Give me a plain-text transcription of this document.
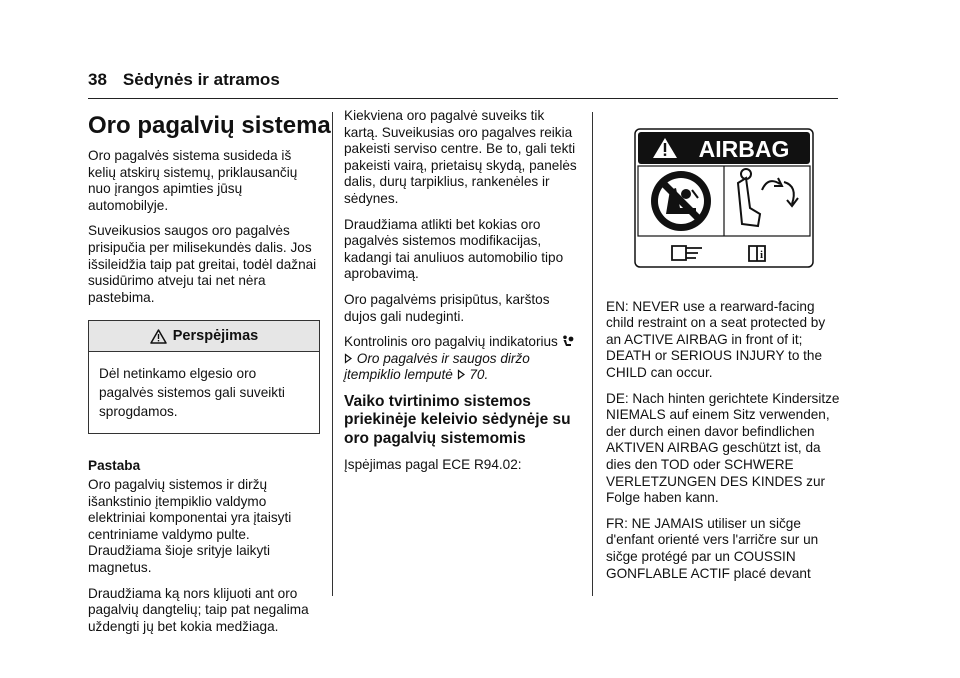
38 Sėdynės ir atramos
Oro pagalvių sistema

Oro pagalvės sistema susideda iš kelių atskirų sistemų, priklausančių nuo įrangos apimties jūsų automobilyje.

Suveikusios saugos oro pagalvės prisipučia per milisekundės dalis. Jos išsileidžia taip pat greitai, todėl dažnai susidūrimo atveju tai net nėra pastebima.

Perspėjimas
Dėl netinkamo elgesio oro pagalvės sistemos gali suveikti sprogdamos.

Pastaba

Oro pagalvių sistemos ir diržų išankstinio įtempiklio valdymo elektriniai komponentai yra įtaisyti centriniame valdymo pulte. Draudžiama šioje srityje laikyti magnetus.

Draudžiama ką nors klijuoti ant oro pagalvių dangtelių; taip pat negalima uždengti jų bet kokia medžiaga.

Kiekviena oro pagalvė suveiks tik kartą. Suveikusias oro pagalves reikia pakeisti serviso centre. Be to, gali tekti pakeisti vairą, prietaisų skydą, panelės dalis, durų tarpiklius, rankenėles ir sėdynes.

Draudžiama atlikti bet kokias oro pagalvės sistemos modifikacijas, kadangi tai anuliuos automobilio tipo aprobavimą.

Oro pagalvėms prisipūtus, karštos dujos gali nudeginti.

Kontrolinis oro pagalvių indikatorius   Oro pagalvės ir saugos diržo įtempiklio lemputė 70.

Vaiko tvirtinimo sistemos priekinėje keleivio sėdynėje su oro pagalvių sistemomis

Įspėjimas pagal ECE R94.02:

AIRBAG
i

EN: NEVER use a rearward-facing child restraint on a seat protected by an ACTIVE AIRBAG in front of it; DEATH or SERIOUS INJURY to the CHILD can occur.

DE: Nach hinten gerichtete Kindersitze NIEMALS auf einem Sitz verwenden, der durch einen davor befindlichen AKTIVEN AIRBAG geschützt ist, da dies den TOD oder SCHWERE VERLETZUNGEN DES KINDES zur Folge haben kann.

FR: NE JAMAIS utiliser un sičge d'enfant orienté vers l'arričre sur un sičge protégé par un COUSSIN GONFLABLE ACTIF placé devant
